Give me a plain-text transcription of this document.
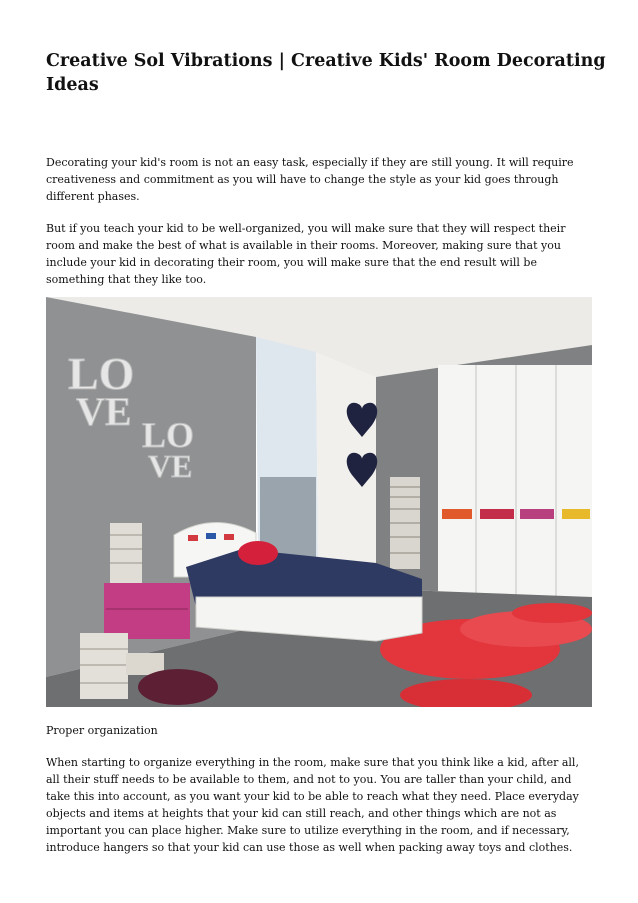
Creative Sol Vibrations | Creative Kids' Room Decorating Ideas

Decorating your kid's room is not an easy task, especially if they are still young. It will require creativeness and commitment as you will have to change the style as your kid goes through different phases.

But if you teach your kid to be well-organized, you will make sure that they will respect their room and make the best of what is available in their rooms. Moreover, making sure that you include your kid in decorating their room, you will make sure that the end result will be something that they like too.

LO
VE
LO
VE

Proper organization

When starting to organize everything in the room, make sure that you think like a kid, after all, all their stuff needs to be available to them, and not to you. You are taller than your child, and take this into account, as you want your kid to be able to reach what they need. Place everyday objects and items at heights that your kid can still reach, and other things which are not as important you can place higher. Make sure to utilize everything in the room, and if necessary, introduce hangers so that your kid can use those as well when packing away toys and clothes.
